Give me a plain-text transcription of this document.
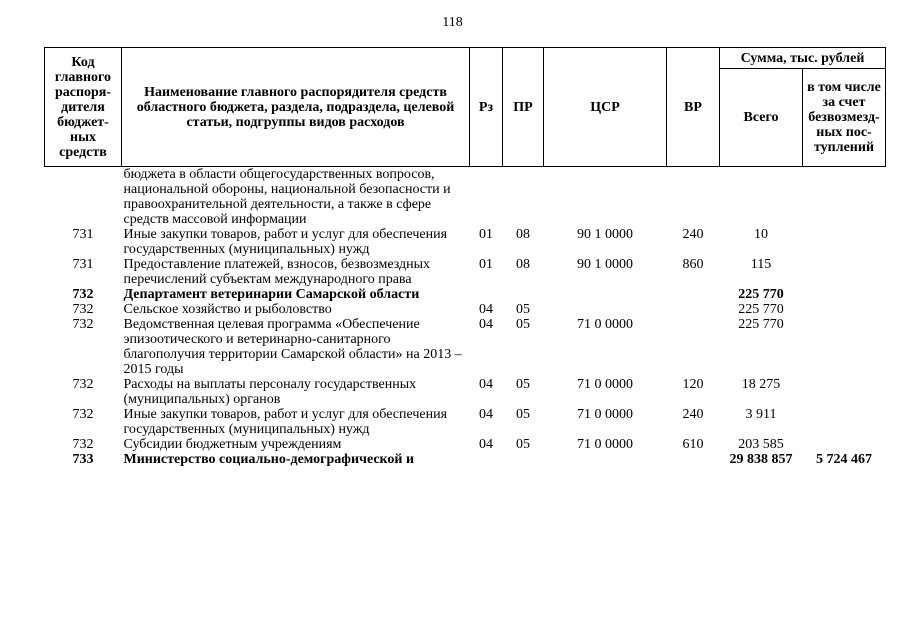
118
Код главного распоря-дителя бюджет-ных средств	Наименование главного распорядителя средств областного бюджета, раздела, подраздела, целевой статьи, подгруппы видов расходов	Рз	ПР	ЦСР	ВР	Сумма, тыс. рублей	
						Всего	в том числе за счет безвозмезд-ных пос-туплений
	бюджета в области общегосударственных вопросов, национальной обороны, национальной безопасности и правоохранительной деятельности, а также в сфере средств массовой информации						
731	Иные закупки товаров, работ и услуг для обеспечения государственных (муниципальных) нужд	01	08	90 1 0000	240	10	
731	Предоставление платежей, взносов, безвозмездных перечислений субъектам международного права	01	08	90 1 0000	860	115	
732	Департамент ветеринарии Самарской области					225 770	
732	Сельское хозяйство и рыболовство	04	05			225 770	
732	Ведомственная целевая программа «Обеспечение эпизоотического и ветеринарно-санитарного благополучия территории Самарской области» на 2013 –2015 годы	04	05	71 0 0000		225 770	
732	Расходы на выплаты персоналу государственных (муниципальных) органов	04	05	71 0 0000	120	18 275	
732	Иные закупки товаров, работ и услуг для обеспечения государственных (муниципальных) нужд	04	05	71 0 0000	240	3 911	
732	Субсидии бюджетным учреждениям	04	05	71 0 0000	610	203 585	
733	Министерство социально-демографической и					29 838 857	5 724 467
